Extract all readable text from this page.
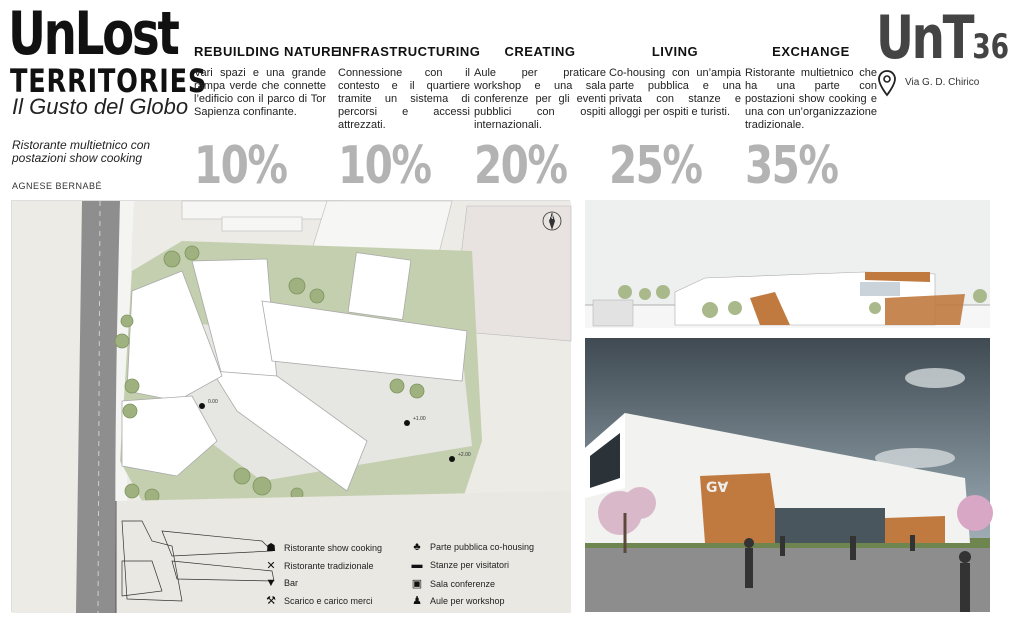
UnLost
TERRITORIES
Il Gusto del Globo
Ristorante multietnico con postazioni show cooking
AGNESE BERNABÉ
REBUILDING NATURE
Vari spazi e una grande rampa verde che connette l’edificio con il parco di Tor Sapienza confinante.
10%
INFRASTRUCTURING
Connessione con il contesto e il quartiere tramite un sistema di percorsi e accessi attrezzati.
10%
CREATING
Aule per praticare workshop e una sala conferenze per gli eventi pubblici con ospiti internazionali.
20%
LIVING
Co-housing con un’ampia parte pubblica e una privata con stanze e alloggi per ospiti e turisti.
25%
EXCHANGE
Ristorante multietnico che ha una parte con postazioni show cooking e una con un’organizzazione tradizionale.
35%
UnT36
Via G. D. Chirico
0.00
+1.00
+2.00
N
☗ Ristorante show cooking
✕ Ristorante tradizionale
▼ Bar
⚒ Scarico e carico merci
♣	Parte pubblica co-housing
▬ Stanze per visitatori
▣ Sala conferenze
♟ Aule per workshop
G∀
